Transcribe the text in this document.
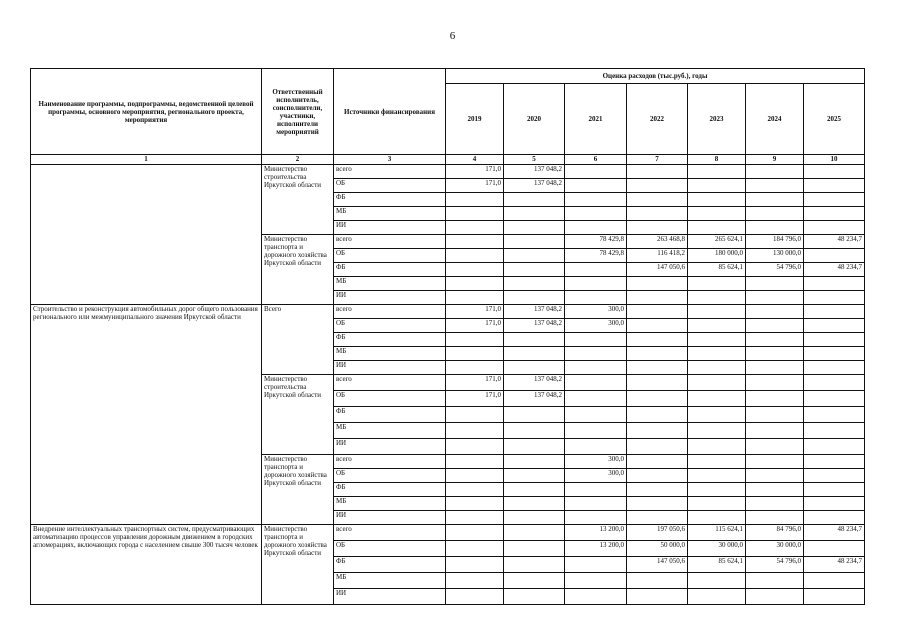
6
Наименование программы, подпрограммы, ведомственной целевой программы, основного мероприятия, регионального проекта, мероприятия	Ответственный исполнитель, соисполнители, участники, исполнители мероприятий	Источники финансирования	Оценка расходов (тыс.руб.), годы						
			2019	2020	2021	2022	2023	2024	2025
1	2	3	4	5	6	7	8	9	10
	Министерство строительства Иркутской области	всего	171,0	137 048,2					
		ОБ	171,0	137 048,2					
		ФБ							
		МБ							
		ИИ							
	Министерство транспорта и дорожного хозяйства Иркутской области	всего			78 429,8	263 468,8	265 624,1	184 796,0	48 234,7
		ОБ			78 429,8	116 418,2	180 000,0	130 000,0	
		ФБ				147 050,6	85 624,1	54 796,0	48 234,7
		МБ							
		ИИ							
Строительство и реконструкция автомобильных дорог общего пользования регионального или межмуниципального значения Иркутской области	Всего	всего	171,0	137 048,2	300,0				
		ОБ	171,0	137 048,2	300,0				
		ФБ							
		МБ							
		ИИ							
	Министерство строительства Иркутской области	всего	171,0	137 048,2					
		ОБ	171,0	137 048,2					
		ФБ							
		МБ							
		ИИ							
	Министерство транспорта и дорожного хозяйства Иркутской области	всего			300,0				
		ОБ			300,0				
		ФБ							
		МБ							
		ИИ							
Внедрение интеллектуальных транспортных систем, предусматривающих автоматизацию процессов управления дорожным движением в городских агломерациях, включающих города с населением свыше 300 тысяч человек	Министерство транспорта и дорожного хозяйства Иркутской области	всего			13 200,0	197 050,6	115 624,1	84 796,0	48 234,7
		ОБ			13 200,0	50 000,0	30 000,0	30 000,0	
		ФБ				147 050,6	85 624,1	54 796,0	48 234,7
		МБ							
		ИИ							
